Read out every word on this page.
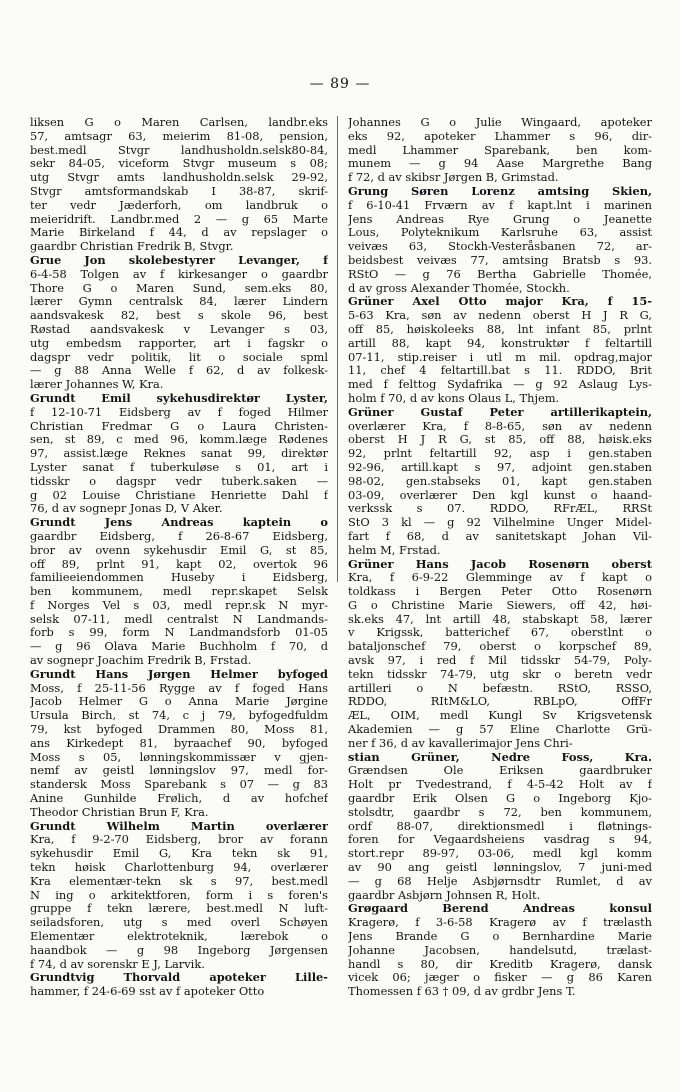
— 89 —
liksen G o Maren Carlsen, landbr.eks
57, amtsagr 63, meierim 81-08, pension,
best.medl Stvgr landhusholdn.selsk80-84,
sekr 84-05, viceform Stvgr museum s 08;
utg Stvgr amts landhusholdn.selsk 29-92,
Stvgr amtsformandskab I 38-87, skrif-
ter vedr Jæderforh, om landbruk o
meieridrift. Landbr.med 2 — g 65 Marte
Marie Birkeland f 44, d av repslager o
gaardbr Christian Fredrik B, Stvgr.
Grue Jon skolebestyrer Levanger, f
6-4-58 Tolgen av f kirkesanger o gaardbr
Thore G o Maren Sund, sem.eks 80,
lærer Gymn centralsk 84, lærer Lindern
aandsvakesk 82, best s skole 96, best
Røstad aandsvakesk v Levanger s 03,
utg embedsm rapporter, art i fagskr o
dagspr vedr politik, lit o sociale spml
— g 88 Anna Welle f 62, d av folkesk-
lærer Johannes W, Kra.
Grundt Emil sykehusdirektør Lyster,
f 12-10-71 Eidsberg av f foged Hilmer
Christian Fredmar G o Laura Christen-
sen, st 89, c med 96, komm.læge Rødenes
97, assist.læge Reknes sanat 99, direktør
Lyster sanat f tuberkuløse s 01, art i
tidsskr o dagspr vedr tuberk.saken —
g 02 Louise Christiane Henriette Dahl f
76, d av sognepr Jonas D, V Aker.
Grundt Jens Andreas kaptein o
gaardbr Eidsberg, f 26-8-67 Eidsberg,
bror av ovenn sykehusdir Emil G, st 85,
off 89, prlnt 91, kapt 02, overtok 96
familieeiendommen Huseby i Eidsberg,
ben kommunem, medl repr.skapet Selsk
f Norges Vel s 03, medl repr.sk N myr-
selsk 07-11, medl centralst N Landmands-
forb s 99, form N Landmandsforb 01-05
— g 96 Olava Marie Buchholm f 70, d
av sognepr Joachim Fredrik B, Frstad.
Grundt Hans Jørgen Helmer byfoged
Moss, f 25-11-56 Rygge av f foged Hans
Jacob Helmer G o Anna Marie Jørgine
Ursula Birch, st 74, c j 79, byfogedfuldm
79, kst byfoged Drammen 80, Moss 81,
ans Kirkedept 81, byraachef 90, byfoged
Moss s 05, lønningskommissær v gjen-
nemf av geistl lønningslov 97, medl for-
standersk Moss Sparebank s 07 — g 83
Anine Gunhilde Frølich, d av hofchef
Theodor Christian Brun F, Kra.
Grundt Wilhelm Martin overlærer
Kra, f 9-2-70 Eidsberg, bror av forann
sykehusdir Emil G, Kra tekn sk 91,
tekn høisk Charlottenburg 94, overlærer
Kra elementær-tekn sk s 97, best.medl
N ing o arkitektforen, form i s foren's
gruppe f tekn lærere, best.medl N luft-
seiladsforen, utg s med overl Schøyen
Elementær elektroteknik, lærebok o
haandbok — g 98 Ingeborg Jørgensen
f 74, d av sorenskr E J, Larvik.
Grundtvig Thorvald apoteker Lille-
hammer, f 24-6-69 sst av f apoteker Otto
Johannes G o Julie Wingaard, apoteker
eks 92, apoteker Lhammer s 96, dir-
medl Lhammer Sparebank, ben kom-
munem — g 94 Aase Margrethe Bang
f 72, d av skibsr Jørgen B, Grimstad.
Grung Søren Lorenz amtsing Skien,
f 6-10-41 Frværn av f kapt.lnt i marinen
Jens Andreas Rye Grung o Jeanette
Lous, Polyteknikum Karlsruhe 63, assist
veivæs 63, Stockh-Vesteråsbanen 72, ar-
beidsbest veivæs 77, amtsing Bratsb s 93.
RStO — g 76 Bertha Gabrielle Thomée,
d av gross Alexander Thomée, Stockh.
Grüner Axel Otto major Kra, f 15-
5-63 Kra, søn av nedenn oberst H J R G,
off 85, høiskoleeks 88, lnt infant 85, prlnt
artill 88, kapt 94, konstruktør f feltartill
07-11, stip.reiser i utl m mil. opdrag,major
11, chef 4 feltartill.bat s 11. RDDO, Brit
med f felttog Sydafrika — g 92 Aslaug Lys-
holm f 70, d av kons Olaus L, Thjem.
Grüner Gustaf Peter artillerikaptein,
overlærer Kra, f 8-8-65, søn av nedenn
oberst H J R G, st 85, off 88, høisk.eks
92, prlnt feltartill 92, asp i gen.staben
92-96, artill.kapt s 97, adjoint gen.staben
98-02, gen.stabseks 01, kapt gen.staben
03-09, overlærer Den kgl kunst o haand-
verkssk s 07. RDDO, RFrÆL, RRSt
StO 3 kl — g 92 Vilhelmine Unger Midel-
fart f 68, d av sanitetskapt Johan Vil-
helm M, Frstad.
Grüner Hans Jacob Rosenørn oberst
Kra, f 6-9-22 Glemminge av f kapt o
toldkass i Bergen Peter Otto Rosenørn
G o Christine Marie Siewers, off 42, høi-
sk.eks 47, lnt artill 48, stabskapt 58, lærer
v Krigssk, batterichef 67, oberstlnt o
bataljonschef 79, oberst o korpschef 89,
avsk 97, i red f Mil tidsskr 54-79, Poly-
tekn tidsskr 74-79, utg skr o beretn vedr
artilleri o N befæstn. RStO, RSSO,
RDDO, RItM&LO, RBLpO, OffFr
ÆL, OIM, medl Kungl Sv Krigsvetensk
Akademien — g 57 Eline Charlotte Grü-
ner f 36, d av kavallerimajor Jens Chri-
stian Grüner, Nedre Foss, Kra.
Grændsen Ole Eriksen gaardbruker
Holt pr Tvedestrand, f 4-5-42 Holt av f
gaardbr Erik Olsen G o Ingeborg Kjo-
stolsdtr, gaardbr s 72, ben kommunem,
ordf 88-07, direktionsmedl i fløtnings-
foren for Vegaardsheiens vasdrag s 94,
stort.repr 89-97, 03-06, medl kgl komm
av 90 ang geistl lønningslov, 7 juni-med
— g 68 Helje Asbjørnsdtr Rumlet, d av
gaardbr Asbjørn Johnsen R, Holt.
Grøgaard Berend Andreas konsul
Kragerø, f 3-6-58 Kragerø av f trælasth
Jens Brande G o Bernhardine Marie
Johanne Jacobsen, handelsutd, trælast-
handl s 80, dir Kreditb Kragerø, dansk
vicek 06; jæger o fisker — g 86 Karen
Thomessen f 63 † 09, d av grdbr Jens T.
